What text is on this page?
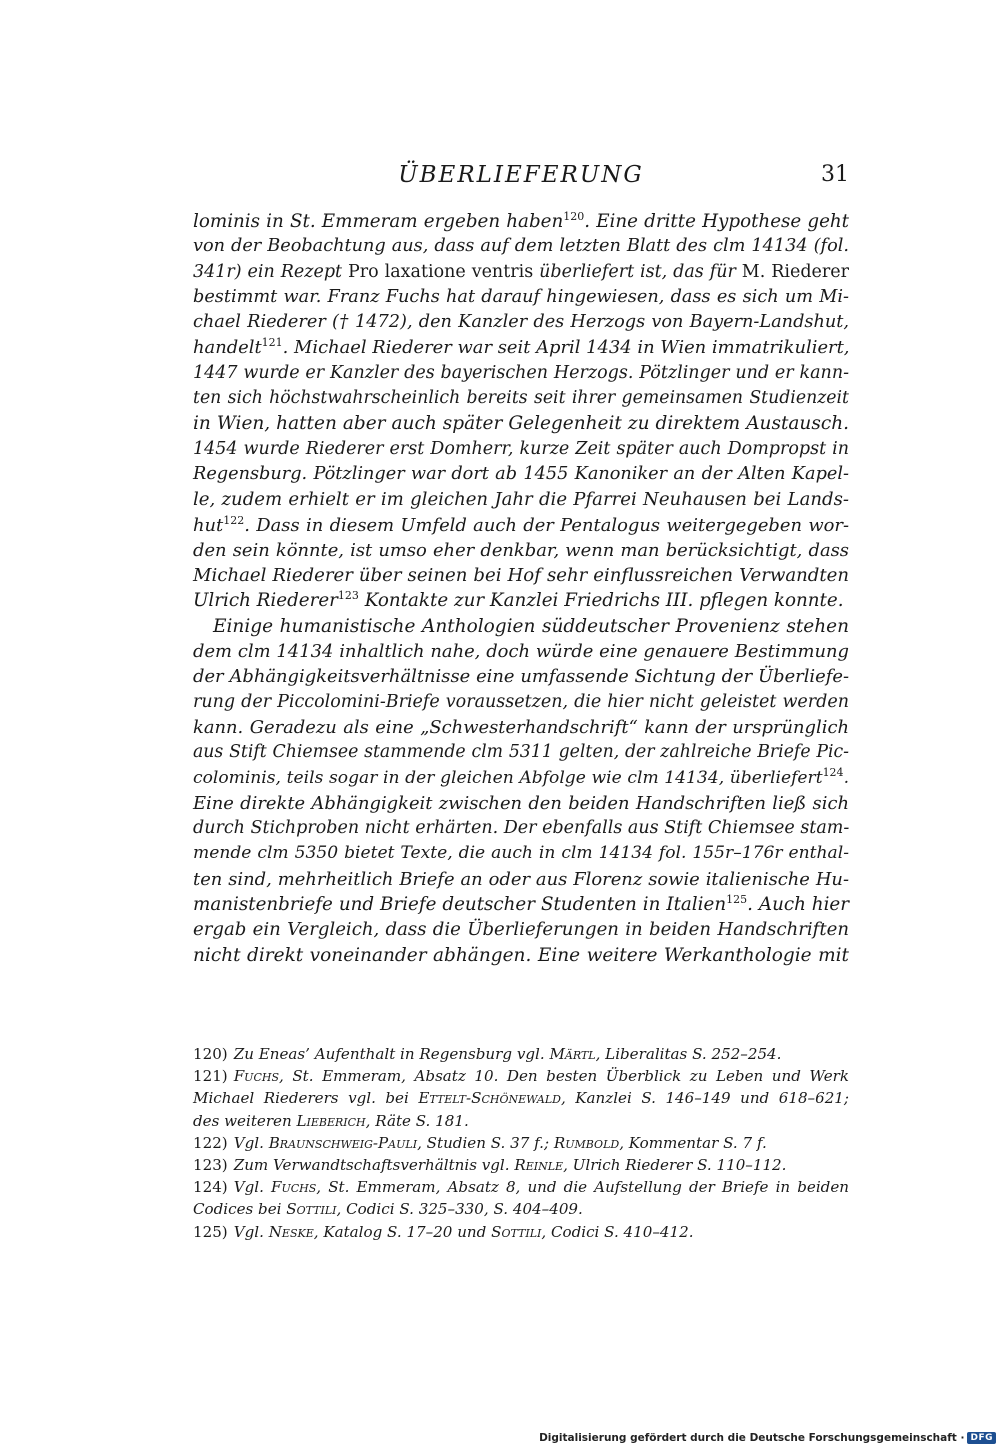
ÜBERLIEFERUNG	31
lominis in St. Emmeram ergeben haben$^{120}$. Eine dritte Hypothese geht
von der Beobachtung aus, dass auf dem letzten Blatt des clm 14134 (fol.
341r) ein Rezept Pro laxatione ventris überliefert ist, das für M. Riederer
bestimmt war. Franz Fuchs hat darauf hingewiesen, dass es sich um Mi-
chael Riederer († 1472), den Kanzler des Herzogs von Bayern-Landshut,
handelt$^{121}$. Michael Riederer war seit April 1434 in Wien immatrikuliert,
1447 wurde er Kanzler des bayerischen Herzogs. Pötzlinger und er kann-
ten sich höchstwahrscheinlich bereits seit ihrer gemeinsamen Studienzeit
in Wien, hatten aber auch später Gelegenheit zu direktem Austausch.
1454 wurde Riederer erst Domherr, kurze Zeit später auch Dompropst in
Regensburg. Pötzlinger war dort ab 1455 Kanoniker an der Alten Kapel-
le, zudem erhielt er im gleichen Jahr die Pfarrei Neuhausen bei Lands-
hut$^{122}$. Dass in diesem Umfeld auch der Pentalogus weitergegeben wor-
den sein könnte, ist umso eher denkbar, wenn man berücksichtigt, dass
Michael Riederer über seinen bei Hof sehr einflussreichen Verwandten
Ulrich Riederer$^{123}$ Kontakte zur Kanzlei Friedrichs III. pflegen konnte.
Einige humanistische Anthologien süddeutscher Provenienz stehen
dem clm 14134 inhaltlich nahe, doch würde eine genauere Bestimmung
der Abhängigkeitsverhältnisse eine umfassende Sichtung der Überliefe-
rung der Piccolomini-Briefe voraussetzen, die hier nicht geleistet werden
kann. Geradezu als eine „Schwesterhandschrift“ kann der ursprünglich
aus Stift Chiemsee stammende clm 5311 gelten, der zahlreiche Briefe Pic-
colominis, teils sogar in der gleichen Abfolge wie clm 14134, überliefert$^{124}$.
Eine direkte Abhängigkeit zwischen den beiden Handschriften ließ sich
durch Stichproben nicht erhärten. Der ebenfalls aus Stift Chiemsee stam-
mende clm 5350 bietet Texte, die auch in clm 14134 fol. 155r–176r enthal-
ten sind, mehrheitlich Briefe an oder aus Florenz sowie italienische Hu-
manistenbriefe und Briefe deutscher Studenten in Italien$^{125}$. Auch hier
ergab ein Vergleich, dass die Überlieferungen in beiden Handschriften
nicht direkt voneinander abhängen. Eine weitere Werkanthologie mit
120) Zu Eneas’ Aufenthalt in Regensburg vgl. Märtl, Liberalitas S. 252–254.
121) Fuchs, St. Emmeram, Absatz 10. Den besten Überblick zu Leben und Werk
Michael Riederers vgl. bei Ettelt-Schönewald, Kanzlei S. 146–149 und 618–621;
des weiteren Lieberich, Räte S. 181.
122) Vgl. Braunschweig-Pauli, Studien S. 37 f.; Rumbold, Kommentar S. 7 f.
123) Zum Verwandtschaftsverhältnis vgl. Reinle, Ulrich Riederer S. 110–112.
124) Vgl. Fuchs, St. Emmeram, Absatz 8, und die Aufstellung der Briefe in beiden
Codices bei Sottili, Codici S. 325–330, S. 404–409.
125) Vgl. Neske, Katalog S. 17–20 und Sottili, Codici S. 410–412.
Digitalisierung gefördert durch die Deutsche Forschungsgemeinschaft · DFG
